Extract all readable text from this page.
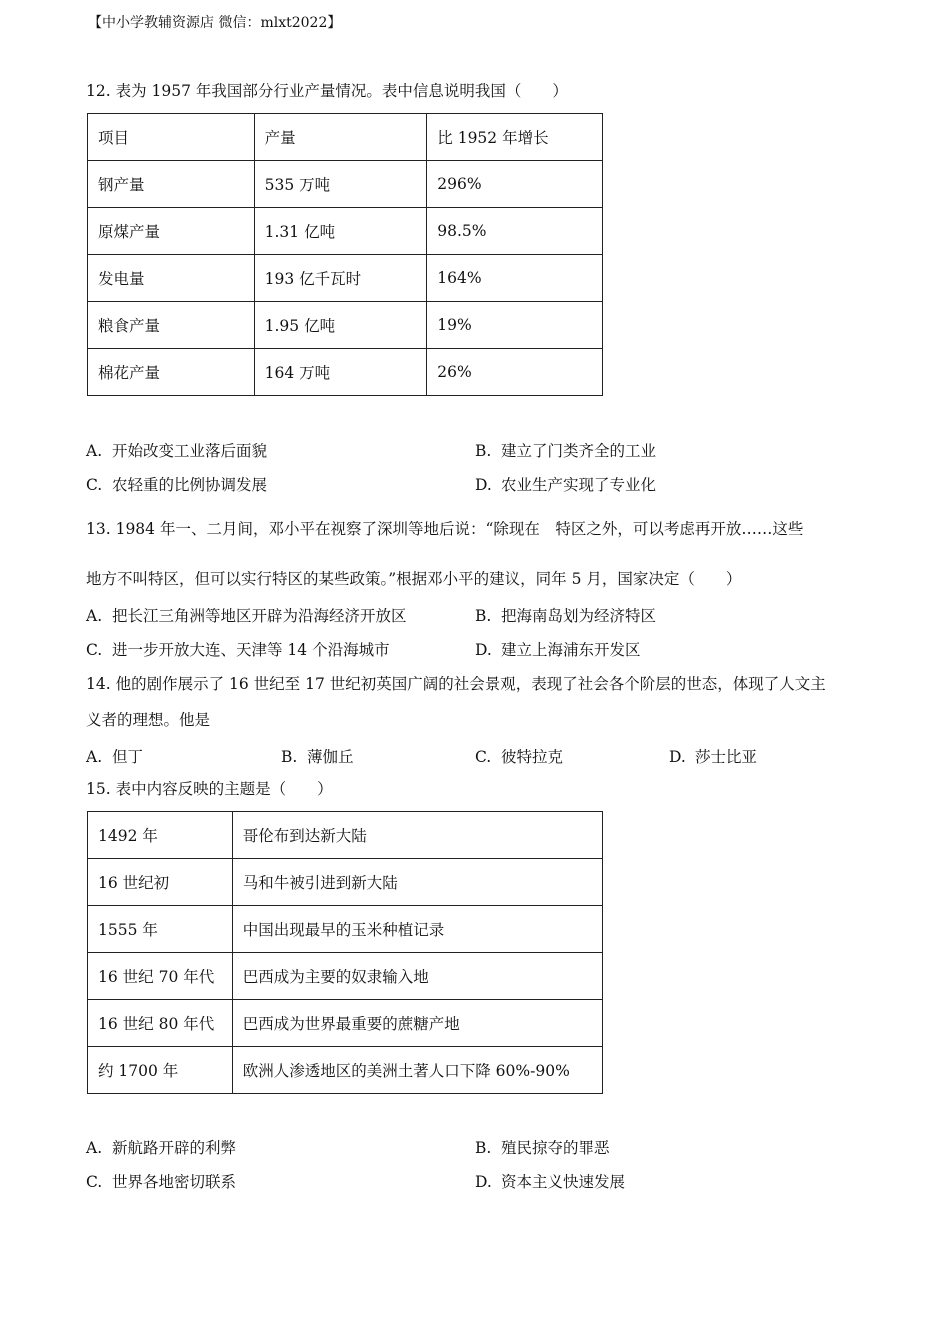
【中小学教辅资源店 微信：mlxt2022】
12. 表为 1957 年我国部分行业产量情况。表中信息说明我国（　　）
项目	产量	比 1952 年增长
钢产量	535 万吨	296%
原煤产量	1.31 亿吨	98.5%
发电量	193 亿千瓦时	164%
粮食产量	1.95 亿吨	19%
棉花产量	164 万吨	26%
A. 开始改变工业落后面貌	B. 建立了门类齐全的工业
C. 农轻重的比例协调发展	D. 农业生产实现了专业化
13. 1984 年一、二月间，邓小平在视察了深圳等地后说：“除现在　特区之外，可以考虑再开放……这些
地方不叫特区，但可以实行特区的某些政策。”根据邓小平的建议，同年 5 月，国家决定（　　）
A. 把长江三角洲等地区开辟为沿海经济开放区	B. 把海南岛划为经济特区
C. 进一步开放大连、天津等 14 个沿海城市	D. 建立上海浦东开发区
14. 他的剧作展示了 16 世纪至 17 世纪初英国广阔的社会景观，表现了社会各个阶层的世态，体现了人文主
义者的理想。他是
A. 但丁	B. 薄伽丘	C. 彼特拉克	D. 莎士比亚
15. 表中内容反映的主题是（　　）
1492 年	哥伦布到达新大陆
16 世纪初	马和牛被引进到新大陆
1555 年	中国出现最早的玉米种植记录
16 世纪 70 年代	巴西成为主要的奴隶输入地
16 世纪 80 年代	巴西成为世界最重要的蔗糖产地
约 1700 年	欧洲人渗透地区的美洲土著人口下降 60%-90%
A. 新航路开辟的利弊	B. 殖民掠夺的罪恶
C. 世界各地密切联系	D. 资本主义快速发展
